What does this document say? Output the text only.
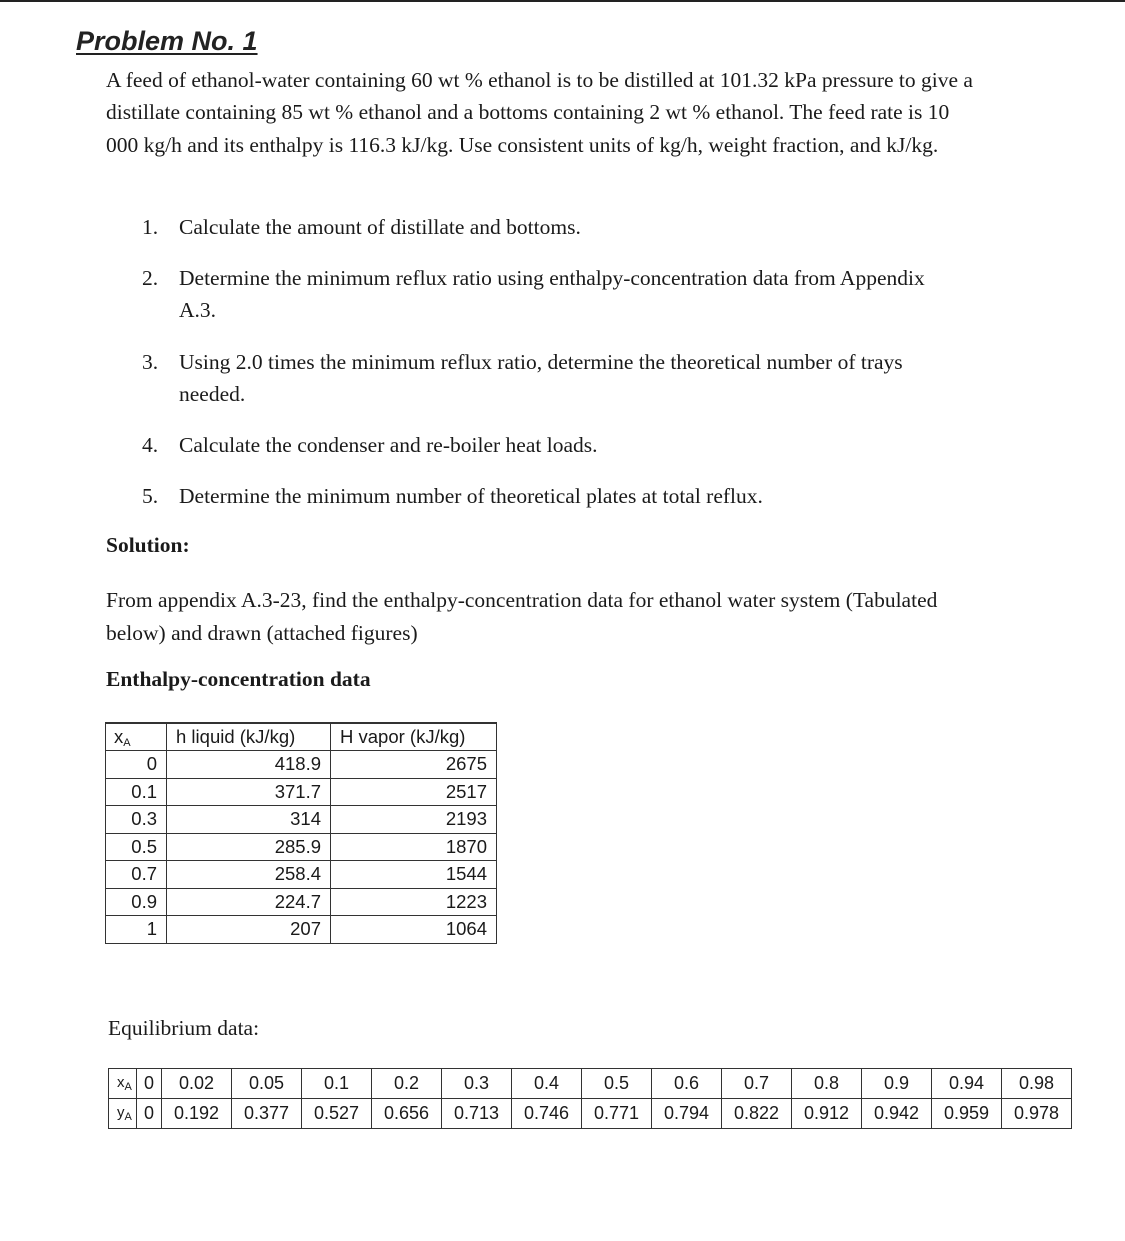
Problem No. 1

A feed of ethanol-water containing 60 wt % ethanol is to be distilled at 101.32 kPa pressure to give a distillate containing 85 wt % ethanol and a bottoms containing 2 wt % ethanol. The feed rate is 10 000 kg/h and its enthalpy is 116.3 kJ/kg. Use consistent units of kg/h, weight fraction, and kJ/kg.

1. Calculate the amount of distillate and bottoms.
2. Determine the minimum reflux ratio using enthalpy-concentration data from Appendix A.3.
3. Using 2.0 times the minimum reflux ratio, determine the theoretical number of trays needed.
4. Calculate the condenser and re-boiler heat loads.
5. Determine the minimum number of theoretical plates at total reflux.
Solution:

From appendix A.3-23, find the enthalpy-concentration data for ethanol water system (Tabulated below) and drawn (attached figures)

Enthalpy-concentration data
$x_A$	h liquid (kJ/kg)	H vapor (kJ/kg)
0	418.9	2675
0.1	371.7	2517
0.3	314	2193
0.5	285.9	1870
0.7	258.4	1544
0.9	224.7	1223
1	207	1064
Equilibrium data:
$x_A$	0	0.02	0.05	0.1	0.2	0.3	0.4	0.5	0.6	0.7	0.8	0.9	0.94	0.98
$y_A$	0	0.192	0.377	0.527	0.656	0.713	0.746	0.771	0.794	0.822	0.912	0.942	0.959	0.978
